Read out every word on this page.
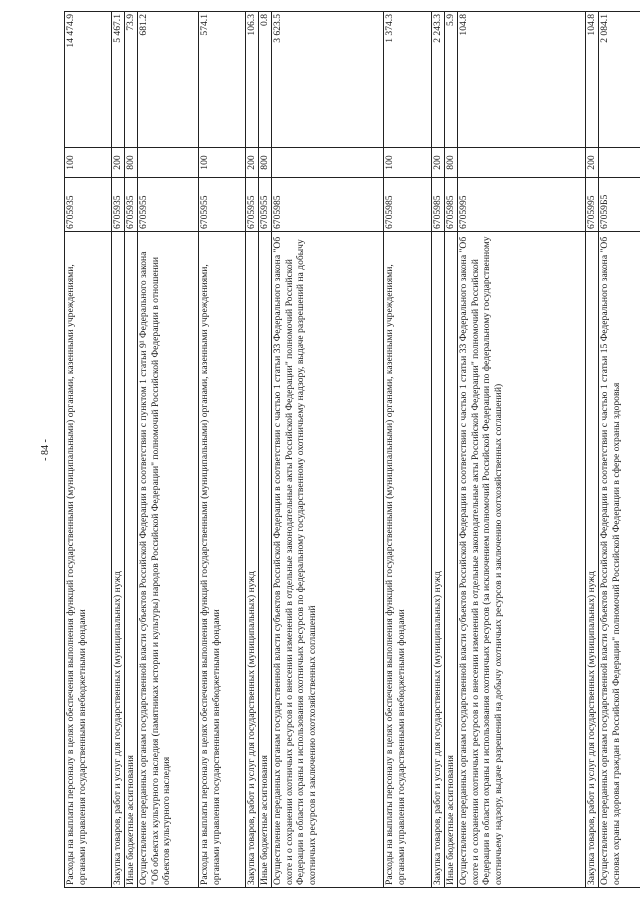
- 84 -	Расходы на выплаты персоналу в целях обеспечения выполнения функций государственными (муниципальными) органами, казенными учреждениями, органами управления государственными внебюджетными фондами	6705935	100	14 474.9
Закупка товаров, работ и услуг для государственных (муниципальных) нужд	6705935	200	5 467.1
Иные бюджетные ассигнования	6705935	800	73.9
Осуществление переданных органам государственной власти субъектов Российской Федерации в соответствии с пунктом 1 статьи 9¹ Федерального закона "Об объектах культурного наследия (памятниках истории и культуры) народов Российской Федерации" полномочий Российской Федерации в отношении объектов культурного наследия	6705955		681.2
Расходы на выплаты персоналу в целях обеспечения выполнения функций государственными (муниципальными) органами, казенными учреждениями, органами управления государственными внебюджетными фондами	6705955	100	574.1
Закупка товаров, работ и услуг для государственных (муниципальных) нужд	6705955	200	106.3
Иные бюджетные ассигнования	6705955	800	0.8
Осуществление переданных органам государственной власти субъектов Российской Федерации в соответствии с частью 1 статьи 33 Федерального закона "Об охоте и о сохранении охотничьих ресурсов и о внесении изменений в отдельные законодательные акты Российской Федерации" полномочий Российской Федерации в области охраны и использования охотничьих ресурсов по федеральному государственному охотничьему надзору, выдаче разрешений на добычу охотничьих ресурсов и заключению охотхозяйственных соглашений	6705985		3 623.5
Расходы на выплаты персоналу в целях обеспечения выполнения функций государственными (муниципальными) органами, казенными учреждениями, органами управления государственными внебюджетными фондами	6705985	100	1 374.3
Закупка товаров, работ и услуг для государственных (муниципальных) нужд	6705985	200	2 243.3
Иные бюджетные ассигнования	6705985	800	5.9
Осуществление переданных органам государственной власти субъектов Российской Федерации в соответствии с частью 1 статьи 33 Федерального закона "Об охоте и о сохранении охотничьих ресурсов и о внесении изменений в отдельные законодательные акты Российской Федерации" полномочий Российской Федерации в области охраны и использования охотничьих ресурсов (за исключением полномочий Российской Федерации по федеральному государственному охотничьему надзору, выдаче разрешений на добычу охотничьих ресурсов и заключению охотхозяйственных соглашений)	6705995		104.8
Закупка товаров, работ и услуг для государственных (муниципальных) нужд	6705995	200	104.8
Осуществление переданных органам государственной власти субъектов Российской Федерации в соответствии с частью 1 статьи 15 Федерального закона "Об основах охраны здоровья граждан в Российской Федерации" полномочий Российской Федерации в сфере охраны здоровья	67059Б5		2 084.1
